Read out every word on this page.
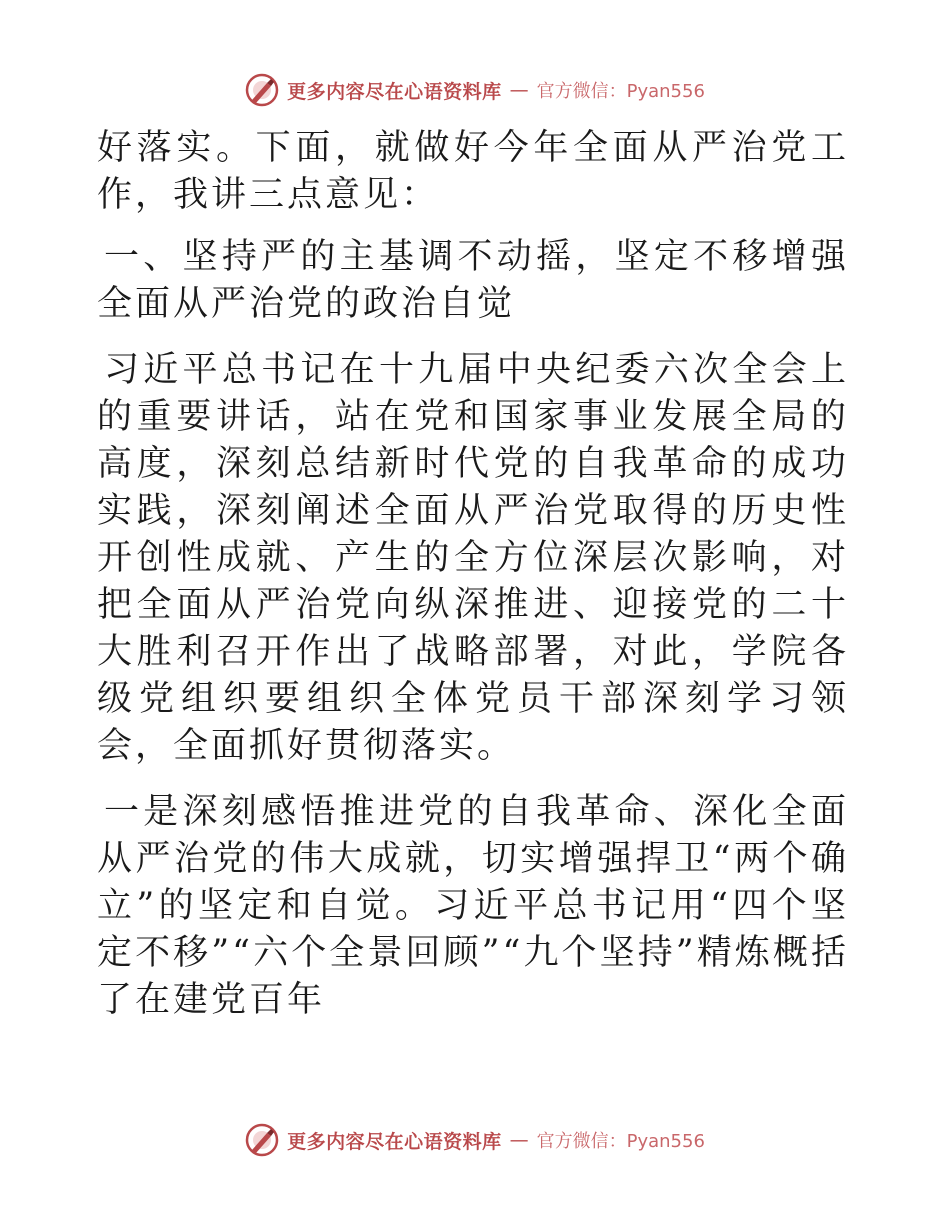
更多内容尽在心语资料库 — 官方微信：Pyan556

好落实。下面，就做好今年全面从严治党工作，我讲三点意见：

一、坚持严的主基调不动摇，坚定不移增强全面从严治党的政治自觉

习近平总书记在十九届中央纪委六次全会上的重要讲话，站在党和国家事业发展全局的高度，深刻总结新时代党的自我革命的成功实践，深刻阐述全面从严治党取得的历史性开创性成就、产生的全方位深层次影响，对把全面从严治党向纵深推进、迎接党的二十大胜利召开作出了战略部署，对此，学院各级党组织要组织全体党员干部深刻学习领会，全面抓好贯彻落实。

一是深刻感悟推进党的自我革命、深化全面从严治党的伟大成就，切实增强捍卫“两个确立”的坚定和自觉。习近平总书记用“四个坚定不移”“六个全景回顾”“九个坚持”精炼概括了在建党百年

更多内容尽在心语资料库 — 官方微信：Pyan556
